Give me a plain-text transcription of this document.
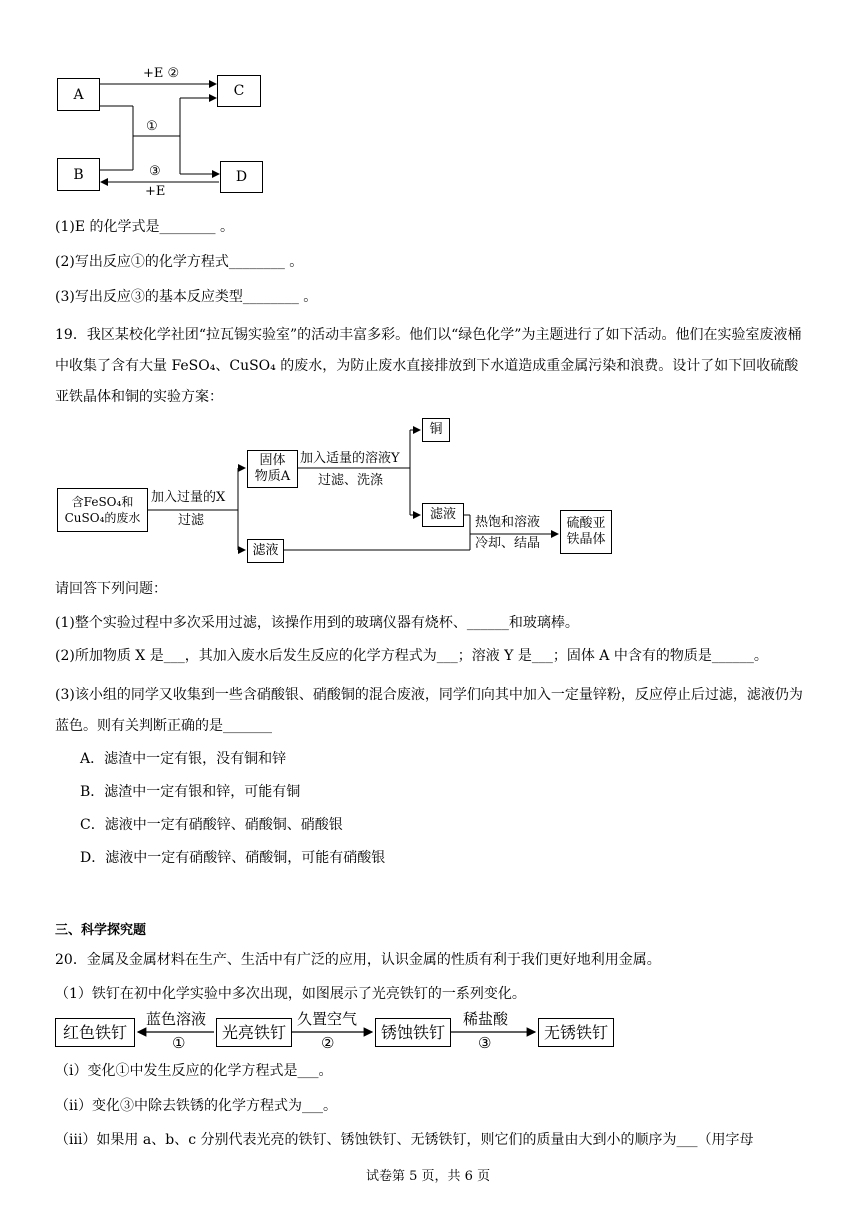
A	C
B	D
+E ②
①
③
+E
(1)E 的化学式是________ 。
(2)写出反应①的化学方程式________ 。
(3)写出反应③的基本反应类型________ 。
19．我区某校化学社团“拉瓦锡实验室”的活动丰富多彩。他们以“绿色化学”为主题进行了如下活动。他们在实验室废液桶中收集了含有大量 FeSO₄、CuSO₄ 的废水，为防止废水直接排放到下水道造成重金属污染和浪费。设计了如下回收硫酸亚铁晶体和铜的实验方案：
含FeSO₄和
CuSO₄的废水
固体
物质A
铜
滤液
滤液
硫酸亚
铁晶体
加入过量的X
过滤
加入适量的溶液Y
过滤、洗涤
热饱和溶液
冷却、结晶
请回答下列问题：
(1)整个实验过程中多次采用过滤，该操作用到的玻璃仪器有烧杯、______和玻璃棒。
(2)所加物质 X 是___，其加入废水后发生反应的化学方程式为___；溶液 Y 是___；固体 A 中含有的物质是______。
(3)该小组的同学又收集到一些含硝酸银、硝酸铜的混合废液，同学们向其中加入一定量锌粉，反应停止后过滤，滤液仍为蓝色。则有关判断正确的是_______
A．滤渣中一定有银，没有铜和锌
B．滤渣中一定有银和锌，可能有铜
C．滤液中一定有硝酸锌、硝酸铜、硝酸银
D．滤液中一定有硝酸锌、硝酸铜，可能有硝酸银
三、科学探究题
20．金属及金属材料在生产、生活中有广泛的应用，认识金属的性质有利于我们更好地利用金属。
（1）铁钉在初中化学实验中多次出现，如图展示了光亮铁钉的一系列变化。
红色铁钉	光亮铁钉	锈蚀铁钉	无锈铁钉
蓝色溶液
①
久置空气
②
稀盐酸
③
（ⅰ）变化①中发生反应的化学方程式是___。
（ⅱ）变化③中除去铁锈的化学方程式为___。
（ⅲ）如果用 a、b、c 分别代表光亮的铁钉、锈蚀铁钉、无锈铁钉，则它们的质量由大到小的顺序为___（用字母
试卷第 5 页，共 6 页
